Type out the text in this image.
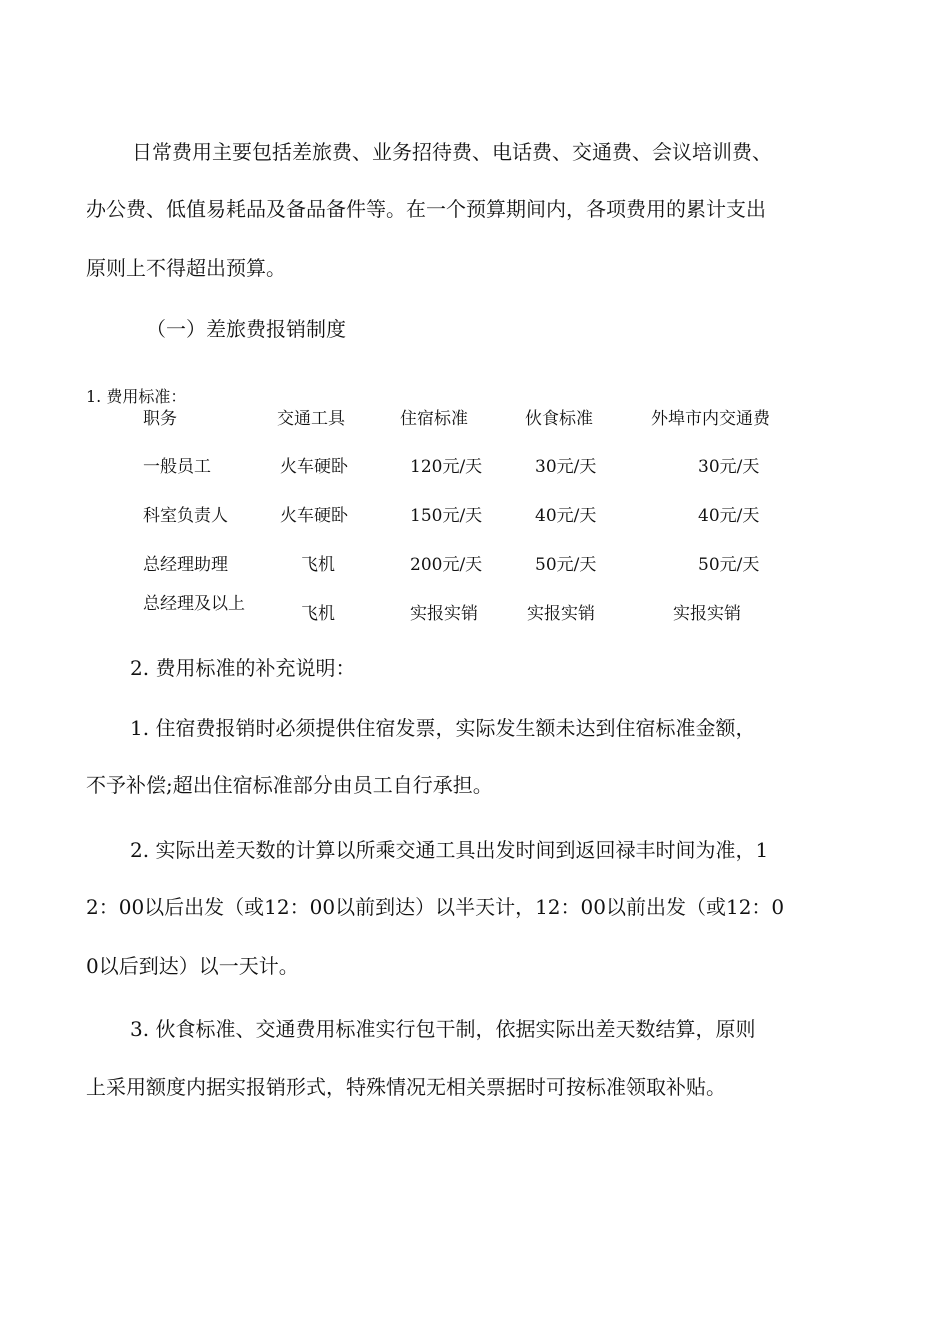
日常费用主要包括差旅费、业务招待费、电话费、交通费、会议培训费、
办公费、低值易耗品及备品备件等。在一个预算期间内，各项费用的累计支出
原则上不得超出预算。
（一）差旅费报销制度
1. 费用标准：
职务	交通工具	住宿标准	伙食标准	外埠市内交通费
一般员工	火车硬卧	120元/天	30元/天	30元/天
科室负责人	火车硬卧	150元/天	40元/天	40元/天
总经理助理	飞机	200元/天	50元/天	50元/天
总经理及以上	飞机	实报实销	实报实销	实报实销
2. 费用标准的补充说明：
1. 住宿费报销时必须提供住宿发票，实际发生额未达到住宿标准金额，
不予补偿;超出住宿标准部分由员工自行承担。
2. 实际出差天数的计算以所乘交通工具出发时间到返回禄丰时间为准，1
2：00以后出发（或12：00以前到达）以半天计，12：00以前出发（或12：0
0以后到达）以一天计。
3. 伙食标准、交通费用标准实行包干制，依据实际出差天数结算，原则
上采用额度内据实报销形式，特殊情况无相关票据时可按标准领取补贴。
